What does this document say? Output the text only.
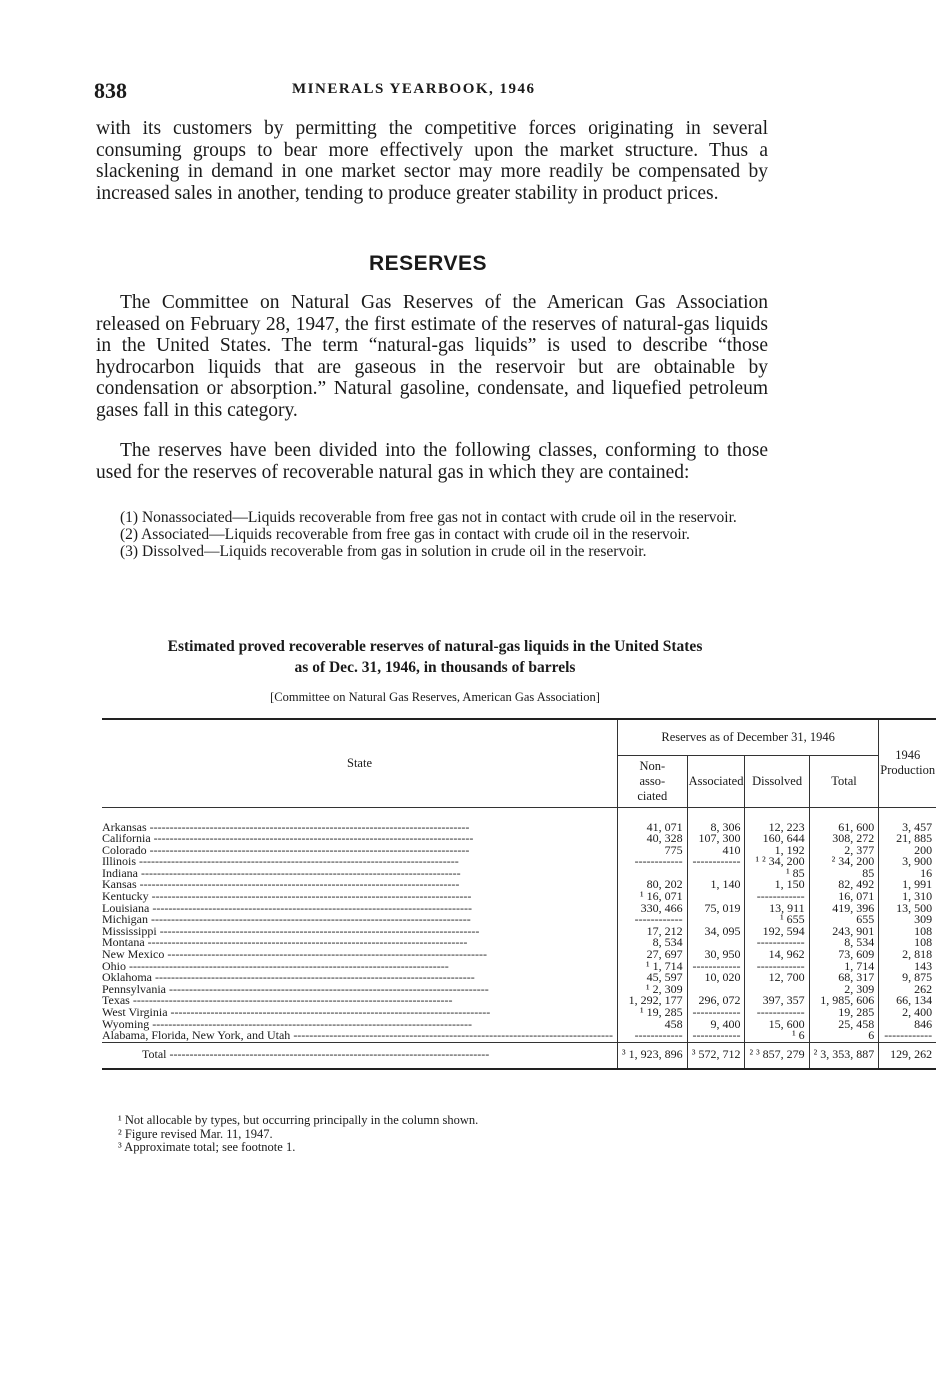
838	MINERALS YEARBOOK, 1946

with its customers by permitting the competitive forces originating in several consuming groups to bear more effectively upon the market structure. Thus a slackening in demand in one market sector may more readily be compensated by increased sales in another, tending to produce greater stability in product prices.

RESERVES

The Committee on Natural Gas Reserves of the American Gas Association released on February 28, 1947, the first estimate of the reserves of natural-gas liquids in the United States. The term “natural-gas liquids” is used to describe “those hydrocarbon liquids that are gaseous in the reservoir but are obtainable by condensation or absorption.” Natural gasoline, condensate, and liquefied petroleum gases fall in this category.

The reserves have been divided into the following classes, conforming to those used for the reserves of recoverable natural gas in which they are contained:

(1) Nonassociated—Liquids recoverable from free gas not in contact with crude oil in the reservoir.

(2) Associated—Liquids recoverable from free gas in contact with crude oil in the reservoir.

(3) Dissolved—Liquids recoverable from gas in solution in crude oil in the reservoir.

Estimated proved recoverable reserves of natural-gas liquids in the United States
as of Dec. 31, 1946, in thousands of barrels
[Committee on Natural Gas Reserves, American Gas Association]
State	Reserves as of December 31, 1946				1946
Production

	Non-asso-ciated	Associated	Dissolved	Total	
Arkansas --------------------------------------------------------------------------------	41, 071	8, 306	12, 223	61, 600	3, 457
California --------------------------------------------------------------------------------	40, 328	107, 300	160, 644	308, 272	21, 885
Colorado --------------------------------------------------------------------------------	775	410	1, 192	2, 377	200
Illinois --------------------------------------------------------------------------------	------------	------------	¹ ² 34, 200	² 34, 200	3, 900
Indiana --------------------------------------------------------------------------------			¹ 85	85	16
Kansas --------------------------------------------------------------------------------	80, 202	1, 140	1, 150	82, 492	1, 991
Kentucky --------------------------------------------------------------------------------	¹ 16, 071		------------	16, 071	1, 310
Louisiana --------------------------------------------------------------------------------	330, 466	75, 019	13, 911	419, 396	13, 500
Michigan --------------------------------------------------------------------------------	------------		¹ 655	655	309
Mississippi --------------------------------------------------------------------------------	17, 212	34, 095	192, 594	243, 901	108
Montana --------------------------------------------------------------------------------	8, 534		------------	8, 534	108
New Mexico --------------------------------------------------------------------------------	27, 697	30, 950	14, 962	73, 609	2, 818
Ohio --------------------------------------------------------------------------------	¹ 1, 714	------------	------------	1, 714	143
Oklahoma --------------------------------------------------------------------------------	45, 597	10, 020	12, 700	68, 317	9, 875
Pennsylvania --------------------------------------------------------------------------------	¹ 2, 309			2, 309	262
Texas --------------------------------------------------------------------------------	1, 292, 177	296, 072	397, 357	1, 985, 606	66, 134
West Virginia --------------------------------------------------------------------------------	¹ 19, 285	------------	------------	19, 285	2, 400
Wyoming --------------------------------------------------------------------------------	458	9, 400	15, 600	25, 458	846
Alabama, Florida, New York, and Utah --------------------------------------------------------------------------------	------------	------------	¹ 6	6	------------
Total --------------------------------------------------------------------------------	³ 1, 923, 896	³ 572, 712	² ³ 857, 279	² 3, 353, 887	129, 262

¹ Not allocable by types, but occurring principally in the column shown.
² Figure revised Mar. 11, 1947.
³ Approximate total; see footnote 1.
